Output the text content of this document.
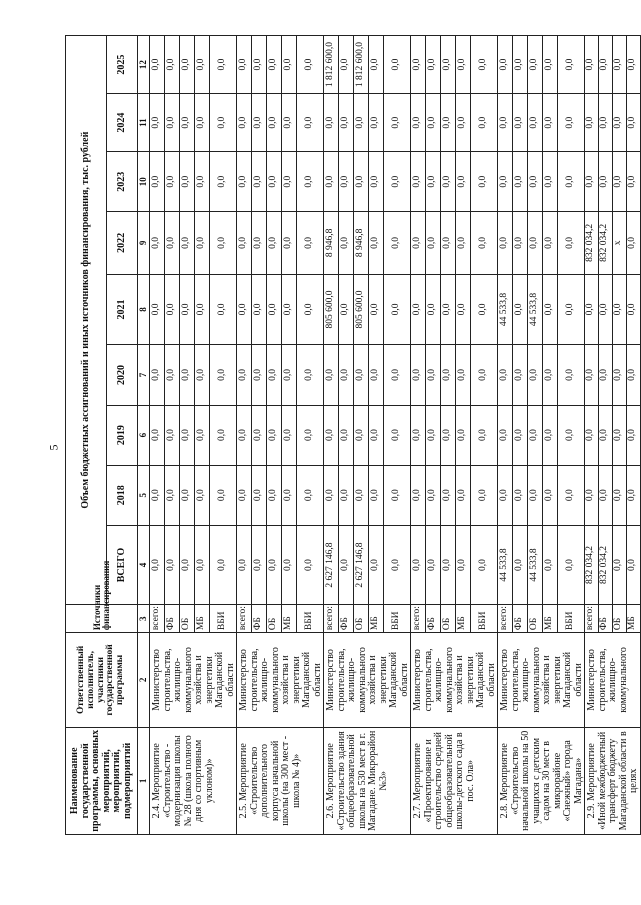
5
Наименование государственной программы, основных мероприятий, мероприятий, подмероприятий	Ответственный исполнитель, участники государственной программы	Источники финансирования	Объем бюджетных ассигнований и иных источников финансирования, тыс. рублей								
			ВСЕГО	2018	2019	2020	2021	2022	2023	2024	2025
1	2	3	4	5	6	7	8	9	10	11	12
2.4. Мероприятие «Строительство - модернизация школы № 28 (школа полного дня со спортивным уклоном)»	Министерство строительства, жилищно-коммунального хозяйства и энергетики Магаданской области	всего:	0,0	0,0	0,0	0,0	0,0	0,0	0,0	0,0	0,0
		ФБ	0,0	0,0	0,0	0,0	0,0	0,0	0,0	0,0	0,0
		ОБ	0,0	0,0	0,0	0,0	0,0	0,0	0,0	0,0	0,0
		МБ	0,0	0,0	0,0	0,0	0,0	0,0	0,0	0,0	0,0
		ВБИ	0,0	0,0	0,0	0,0	0,0	0,0	0,0	0,0	0,0
2.5. Мероприятие «Строительство дополнительного корпуса начальной школы (на 300 мест - школа № 4)»	Министерство строительства, жилищно-коммунального хозяйства и энергетики Магаданской области	всего:	0,0	0,0	0,0	0,0	0,0	0,0	0,0	0,0	0,0
		ФБ	0,0	0,0	0,0	0,0	0,0	0,0	0,0	0,0	0,0
		ОБ	0,0	0,0	0,0	0,0	0,0	0,0	0,0	0,0	0,0
		МБ	0,0	0,0	0,0	0,0	0,0	0,0	0,0	0,0	0,0
		ВБИ	0,0	0,0	0,0	0,0	0,0	0,0	0,0	0,0	0,0
2.6. Мероприятие «Строительство здания общеобразовательной школы на 530 мест в г. Магадане. Микрорайон №3»	Министерство строительства, жилищно-коммунального хозяйства и энергетики Магаданской области	всего:	2 627 146,8	0,0	0,0	0,0	805 600,0	8 946,8	0,0	0,0	1 812 600,0
		ФБ	0,0	0,0	0,0	0,0	0,0	0,0	0,0	0,0	0,0
		ОБ	2 627 146,8	0,0	0,0	0,0	805 600,0	8 946,8	0,0	0,0	1 812 600,0
		МБ	0,0	0,0	0,0	0,0	0,0	0,0	0,0	0,0	0,0
		ВБИ	0,0	0,0	0,0	0,0	0,0	0,0	0,0	0,0	0,0
2.7. Мероприятие «Проектирование и строительство средней общеобразовательной школы-детского сада в пос. Ола»	Министерство строительства, жилищно-коммунального хозяйства и энергетики Магаданской области	всего:	0,0	0,0	0,0	0,0	0,0	0,0	0,0	0,0	0,0
		ФБ	0,0	0,0	0,0	0,0	0,0	0,0	0,0	0,0	0,0
		ОБ	0,0	0,0	0,0	0,0	0,0	0,0	0,0	0,0	0,0
		МБ	0,0	0,0	0,0	0,0	0,0	0,0	0,0	0,0	0,0
		ВБИ	0,0	0,0	0,0	0,0	0,0	0,0	0,0	0,0	0,0
2.8. Мероприятие «Строительство начальной школы на 50 учащихся с детским садом на 30 мест в микрорайоне «Снежный» города Магадана»	Министерство строительства, жилищно-коммунального хозяйства и энергетики Магаданской области	всего:	44 533,8	0,0	0,0	0,0	44 533,8	0,0	0,0	0,0	0,0
		ФБ	0,0	0,0	0,0	0,0	0,0	0,0	0,0	0,0	0,0
		ОБ	44 533,8	0,0	0,0	0,0	44 533,8	0,0	0,0	0,0	0,0
		МБ	0,0	0,0	0,0	0,0	0,0	0,0	0,0	0,0	0,0
		ВБИ	0,0	0,0	0,0	0,0	0,0	0,0	0,0	0,0	0,0
2.9. Мероприятие «Иной межбюджетный трансферт бюджету Магаданской области в целях	Министерство строительства, жилищно-коммунального	всего:	832 034,2	0,0	0,0	0,0	0,0	832 034,2	0,0	0,0	0,0
		ФБ	832 034,2	0,0	0,0	0,0	0,0	832 034,2	0,0	0,0	0,0
		ОБ	0,0	0,0	0,0	0,0	0,0	x	0,0	0,0	0,0
		МБ	0,0	0,0	0,0	0,0	0,0	0,0	0,0	0,0	0,0
